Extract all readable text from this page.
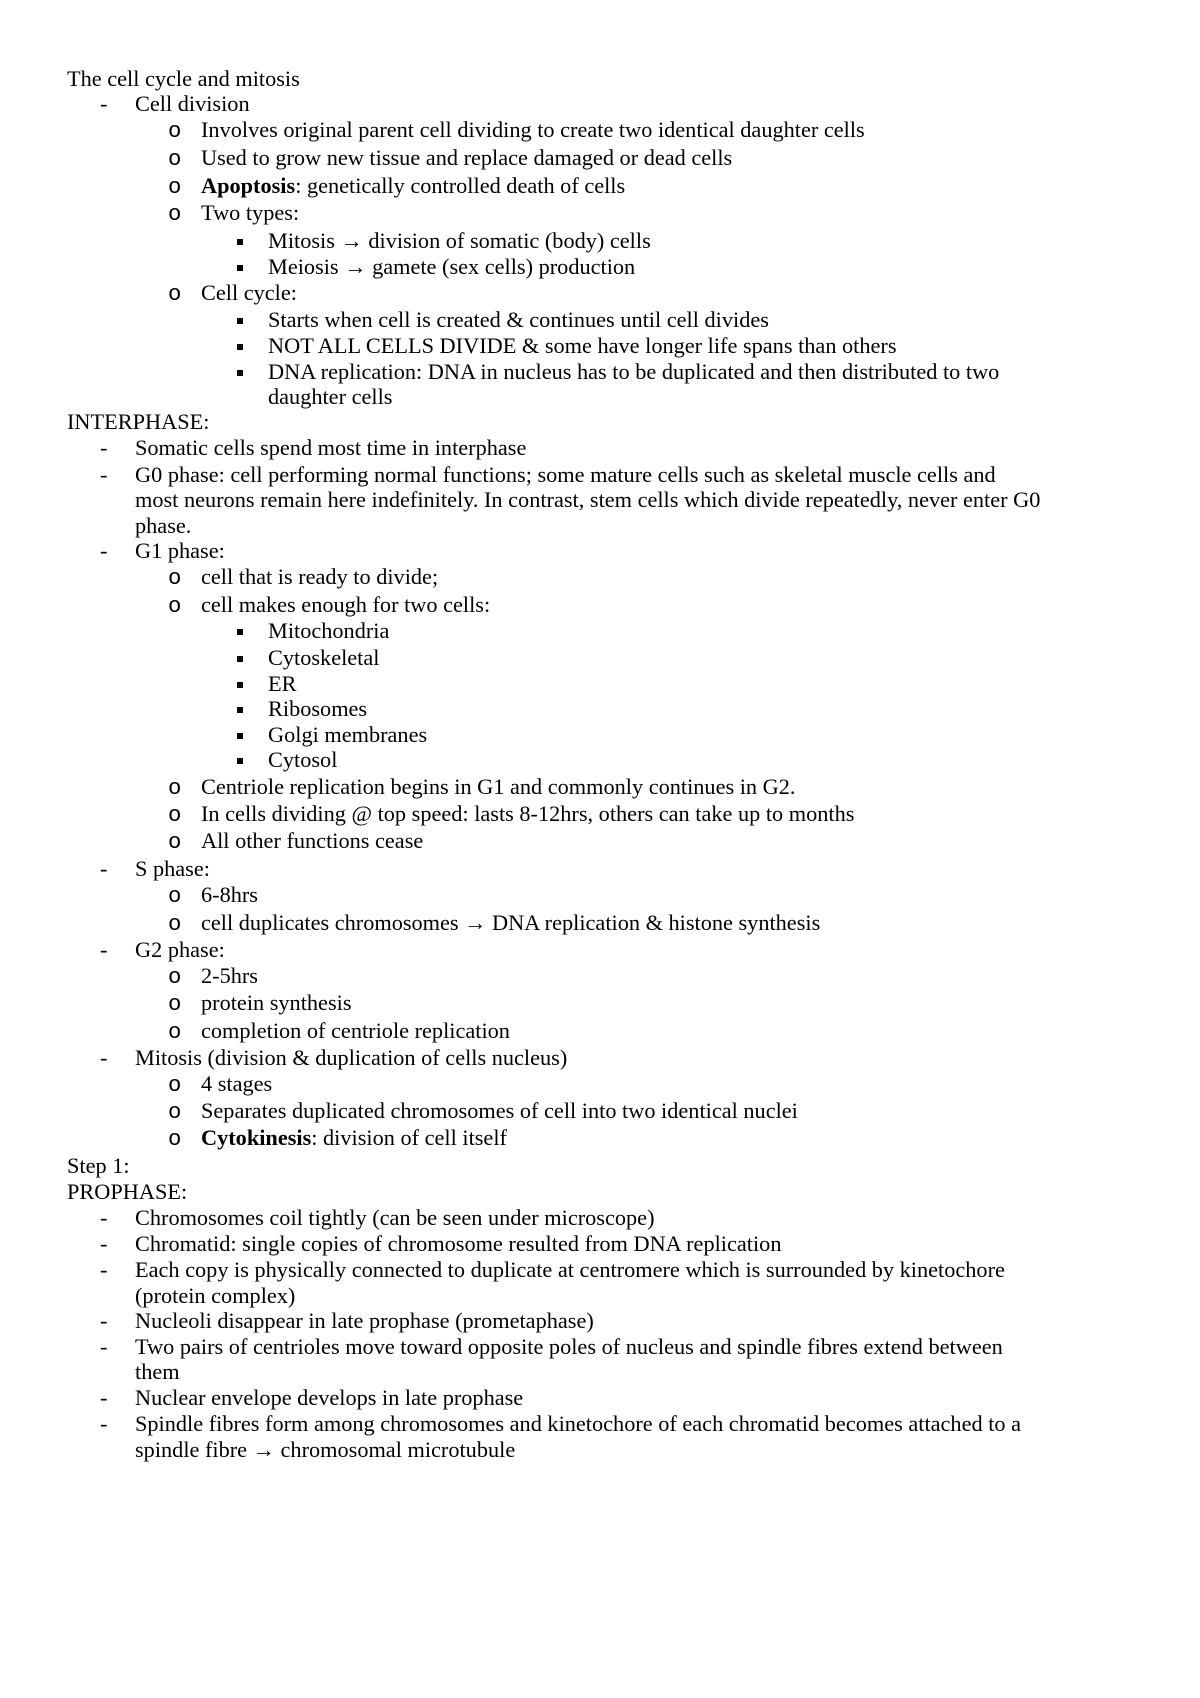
The cell cycle and mitosis
- Cell division
o Involves original parent cell dividing to create two identical daughter cells
o Used to grow new tissue and replace damaged or dead cells
o Apoptosis: genetically controlled death of cells
o Two types:
Mitosis → division of somatic (body) cells
Meiosis → gamete (sex cells) production
o Cell cycle:
Starts when cell is created & continues until cell divides
NOT ALL CELLS DIVIDE & some have longer life spans than others
DNA replication: DNA in nucleus has to be duplicated and then distributed to two
daughter cells
INTERPHASE:
- Somatic cells spend most time in interphase
- G0 phase: cell performing normal functions; some mature cells such as skeletal muscle cells and
most neurons remain here indefinitely. In contrast, stem cells which divide repeatedly, never enter G0
phase.
- G1 phase:
o cell that is ready to divide;
o cell makes enough for two cells:
Mitochondria
Cytoskeletal
ER
Ribosomes
Golgi membranes
Cytosol
o Centriole replication begins in G1 and commonly continues in G2.
o In cells dividing @ top speed: lasts 8-12hrs, others can take up to months
o All other functions cease
- S phase:
o 6-8hrs
o cell duplicates chromosomes → DNA replication & histone synthesis
- G2 phase:
o 2-5hrs
o protein synthesis
o completion of centriole replication
- Mitosis (division & duplication of cells nucleus)
o 4 stages
o Separates duplicated chromosomes of cell into two identical nuclei
o Cytokinesis: division of cell itself
Step 1:
PROPHASE:
- Chromosomes coil tightly (can be seen under microscope)
- Chromatid: single copies of chromosome resulted from DNA replication
- Each copy is physically connected to duplicate at centromere which is surrounded by kinetochore
(protein complex)
- Nucleoli disappear in late prophase (prometaphase)
- Two pairs of centrioles move toward opposite poles of nucleus and spindle fibres extend between
them
- Nuclear envelope develops in late prophase
- Spindle fibres form among chromosomes and kinetochore of each chromatid becomes attached to a
spindle fibre → chromosomal microtubule
